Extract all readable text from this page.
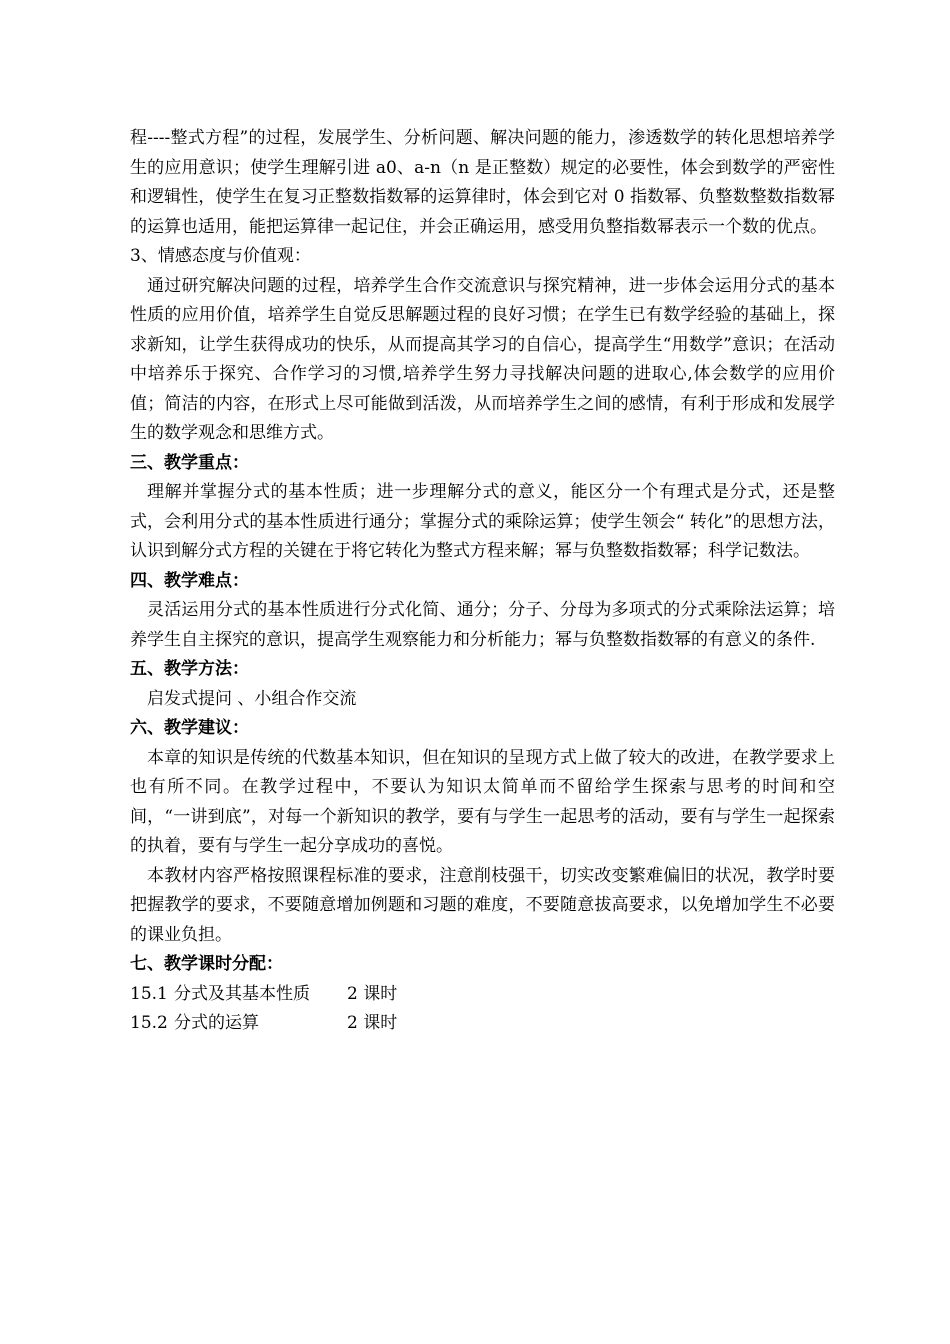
程----整式方程”的过程，发展学生、分析问题、解决问题的能力，渗透数学的转化思想培养学生的应用意识；使学生理解引进 a0、a-n（n 是正整数）规定的必要性，体会到数学的严密性和逻辑性，使学生在复习正整数指数幂的运算律时，体会到它对 0 指数幂、负整数整数指数幂的运算也适用，能把运算律一起记住，并会正确运用，感受用负整指数幂表示一个数的优点。

3、情感态度与价值观：

通过研究解决问题的过程，培养学生合作交流意识与探究精神，进一步体会运用分式的基本性质的应用价值，培养学生自觉反思解题过程的良好习惯；在学生已有数学经验的基础上，探求新知，让学生获得成功的快乐，从而提高其学习的自信心，提高学生“用数学”意识；在活动中培养乐于探究、合作学习的习惯,培养学生努力寻找解决问题的进取心,体会数学的应用价值；简洁的内容，在形式上尽可能做到活泼，从而培养学生之间的感情，有利于形成和发展学生的数学观念和思维方式。

三、教学重点：

理解并掌握分式的基本性质；进一步理解分式的意义，能区分一个有理式是分式，还是整式，会利用分式的基本性质进行通分；掌握分式的乘除运算；使学生领会“ 转化”的思想方法，认识到解分式方程的关键在于将它转化为整式方程来解；幂与负整数指数幂；科学记数法。

四、教学难点：

灵活运用分式的基本性质进行分式化简、通分；分子、分母为多项式的分式乘除法运算；培养学生自主探究的意识，提高学生观察能力和分析能力；幂与负整数指数幂的有意义的条件.

五、教学方法：

启发式提问 、小组合作交流

六、教学建议：

本章的知识是传统的代数基本知识，但在知识的呈现方式上做了较大的改进，在教学要求上也有所不同。在教学过程中，不要认为知识太简单而不留给学生探索与思考的时间和空间，“一讲到底”，对每一个新知识的教学，要有与学生一起思考的活动，要有与学生一起探索的执着，要有与学生一起分享成功的喜悦。

本教材内容严格按照课程标准的要求，注意削枝强干，切实改变繁难偏旧的状况，教学时要把握教学的要求，不要随意增加例题和习题的难度，不要随意拔高要求，以免增加学生不必要的课业负担。

七、教学课时分配：

15.1 分式及其基本性质	2 课时
15.2 分式的运算	2 课时
